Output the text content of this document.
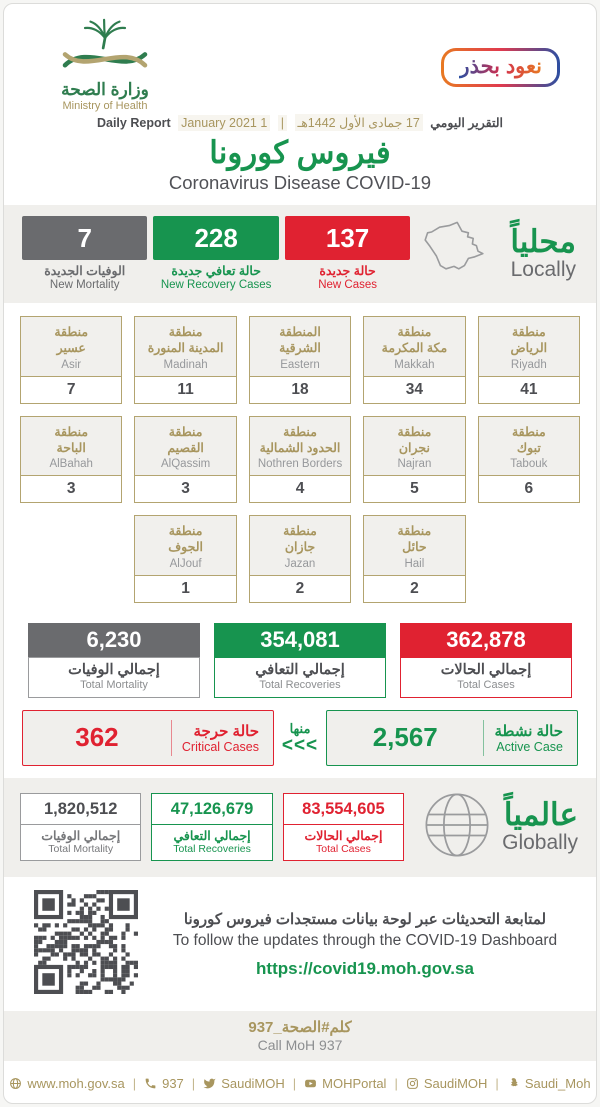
وزارة الصحة
Ministry of Health
نعود بحذر
التقرير اليومي 17 جمادى الأول 1442هـ | 1 January 2021 Daily Report
فيروس كورونا
Coronavirus Disease COVID-19
7
الوفيات الجديدة
New Mortality
228
حالة تعافي جديدة
New Recovery Cases
137
حالة جديدة
New Cases
محلياً
Locally
منطقة
عسير
Asir
7
منطقة
المدينة المنورة
Madinah
11
المنطقة
الشرقية
Eastern
18
منطقة
مكة المكرمة
Makkah
34
منطقة
الرياض
Riyadh
41
منطقة
الباحة
AlBahah
3
منطقة
القصيم
AlQassim
3
منطقة
الحدود الشمالية
Nothren Borders
4
منطقة
نجران
Najran
5
منطقة
تبوك
Tabouk
6
منطقة
الجوف
AlJouf
1
منطقة
جازان
Jazan
2
منطقة
حائل
Hail
2
6,230
إجمالي الوفيات
Total Mortality
354,081
إجمالي التعافي
Total Recoveries
362,878
إجمالي الحالات
Total Cases
حالة حرجة
Critical Cases
362	منها
<<<
حالة نشطة
Active Case
2,567
1,820,512
إجمالي الوفيات
Total Mortality
47,126,679
إجمالي التعافي
Total Recoveries
83,554,605
إجمالي الحالات
Total Cases
عالمياً
Globally
لمتابعة التحديثات عبر لوحة بيانات مستجدات فيروس كورونا
To follow the updates through the COVID-19 Dashboard
https://covid19.moh.gov.sa
كلم#الصحة_937
Call MoH 937
www.moh.gov.sa | 937 | SaudiMOH | MOHPortal | SaudiMOH | Saudi_Moh
